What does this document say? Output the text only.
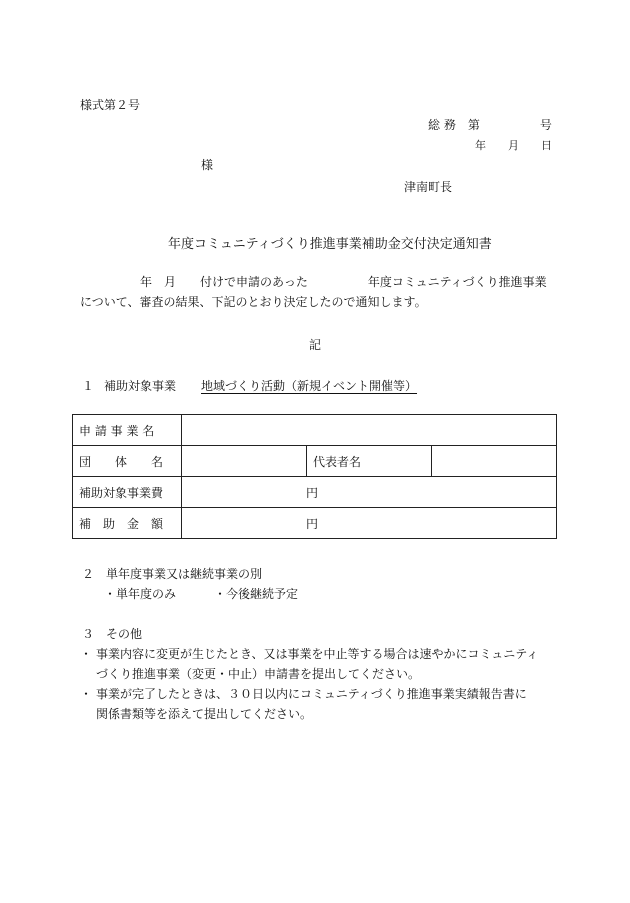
様式第２号
総 務　第　　　　　号
年　　月　　日
様
津南町長
年度コミュニティづくり推進事業補助金交付決定通知書
　　　　　年　月　　付けで申請のあった　　　　　年度コミュニティづくり推進事業
について、審査の結果、下記のとおり決定したので通知します。
記
１ 補助対象事業 地域づくり活動（新規イベント開催等）
申 請 事 業 名			
団　　体　　名		代表者名	
補助対象事業費	円		
補　助　金　額	円		
２　単年度事業又は継続事業の別
・単年度のみ	・今後継続予定
３　その他
・ 事業内容に変更が生じたとき、又は事業を中止等する場合は速やかにコミュニティ
づくり推進事業（変更・中止）申請書を提出してください。
・ 事業が完了したときは、３０日以内にコミュニティづくり推進事業実績報告書に
関係書類等を添えて提出してください。
